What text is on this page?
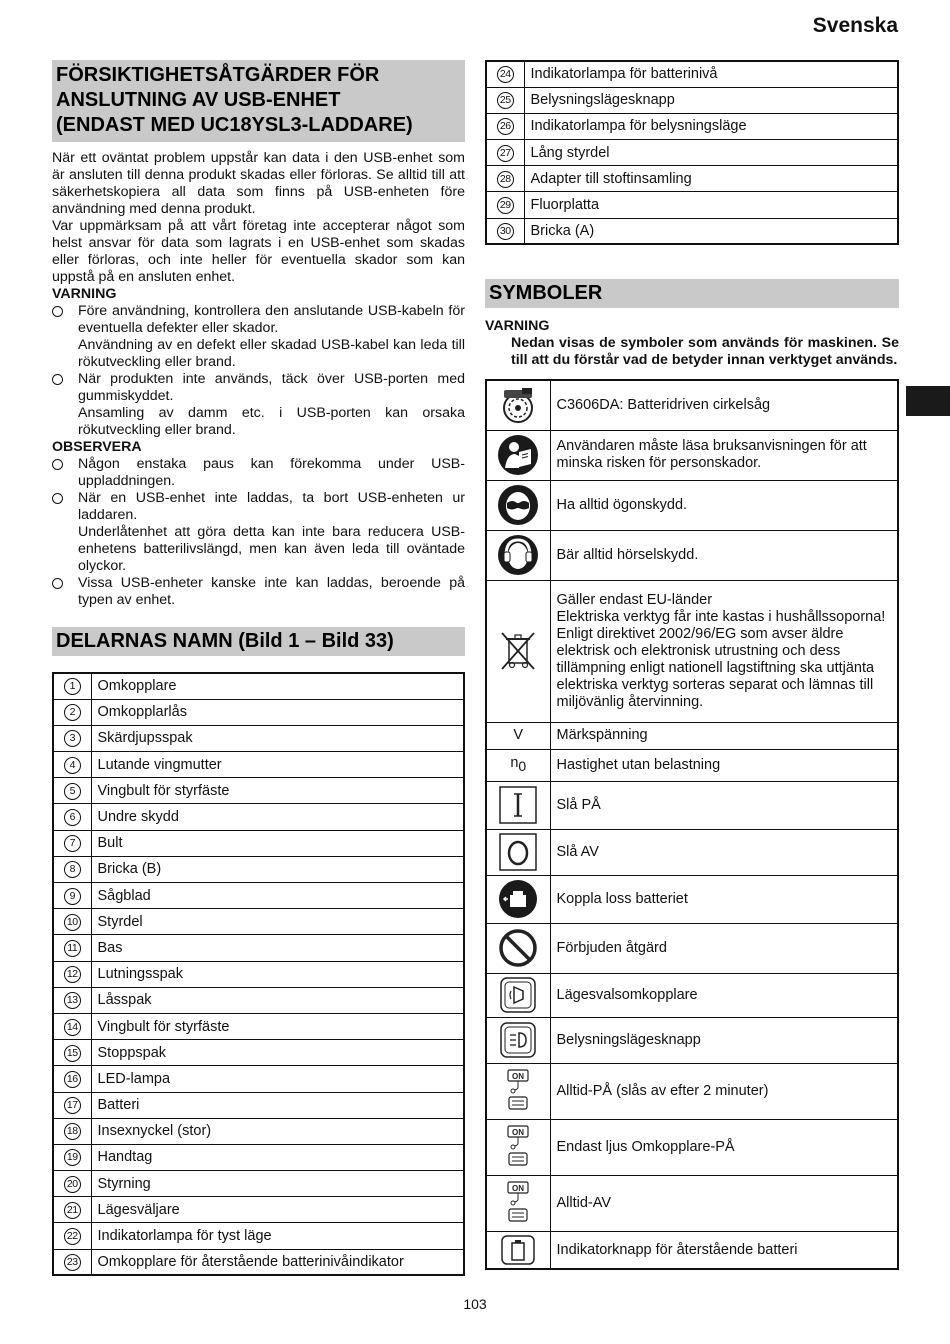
Svenska
FÖRSIKTIGHETSÅTGÄRDER FÖR
ANSLUTNING AV USB-ENHET
(ENDAST MED UC18YSL3-LADDARE)

När ett oväntat problem uppstår kan data i den USB-enhet som är ansluten till denna produkt skadas eller förloras. Se alltid till att säkerhetskopiera all data som finns på USB-enheten före användning med denna produkt.

Var uppmärksam på att vårt företag inte accepterar något som helst ansvar för data som lagrats i en USB-enhet som skadas eller förloras, och inte heller för eventuella skador som kan uppstå på en ansluten enhet.

VARNING
Före användning, kontrollera den anslutande USB-kabeln för eventuella defekter eller skador.
Användning av en defekt eller skadad USB-kabel kan leda till rökutveckling eller brand.
När produkten inte används, täck över USB-porten med gummiskyddet.
Ansamling av damm etc. i USB-porten kan orsaka rökutveckling eller brand.
OBSERVERA
Någon enstaka paus kan förekomma under USB-uppladdningen.
När en USB-enhet inte laddas, ta bort USB-enheten ur laddaren.
Underlåtenhet att göra detta kan inte bara reducera USB-enhetens batterilivslängd, men kan även leda till oväntade olyckor.
Vissa USB-enheter kanske inte kan laddas, beroende på typen av enhet.
DELARNAS NAMN (Bild 1 – Bild 33)
1	Omkopplare
2	Omkopplarlås
3	Skärdjupsspak
4	Lutande vingmutter
5	Vingbult för styrfäste
6	Undre skydd
7	Bult
8	Bricka (B)
9	Sågblad
10	Styrdel
11	Bas
12	Lutningsspak
13	Låsspak
14	Vingbult för styrfäste
15	Stoppspak
16	LED-lampa
17	Batteri
18	Insexnyckel (stor)
19	Handtag
20	Styrning
21	Lägesväljare
22	Indikatorlampa för tyst läge
23	Omkopplare för återstående batterinivåindikator
24	Indikatorlampa för batterinivå
25	Belysningslägesknapp
26	Indikatorlampa för belysningsläge
27	Lång styrdel
28	Adapter till stoftinsamling
29	Fluorplatta
30	Bricka (A)
SYMBOLER
VARNING
Nedan visas de symboler som används för maskinen. Se till att du förstår vad de betyder innan verktyget används.
	C3606DA: Batteridriven cirkelsåg

	Användaren måste läsa bruksanvisningen för att minska risken för personskador.

	Ha alltid ögonskydd.

	Bär alltid hörselskydd.

Gäller endast EU-länder
Elektriska verktyg får inte kastas i hushållssoporna!
Enligt direktivet 2002/96/EG som avser äldre elektrisk och elektronisk utrustning och dess tillämpning enligt nationell lagstiftning ska uttjänta elektriska verktyg sorteras separat och lämnas till miljövänlig återvinning.

V	Märkspänning
$n_0$	Hastighet utan belastning

	Slå PÅ

	Slå AV

	Koppla loss batteriet

	Förbjuden åtgärd

	Lägesvalsomkopplare

	Belysningslägesknapp

ON	Alltid-PÅ (slås av efter 2 minuter)

ON	Endast ljus Omkopplare-PÅ

ON	Alltid-AV

	Indikatorknapp för återstående batteri
103
